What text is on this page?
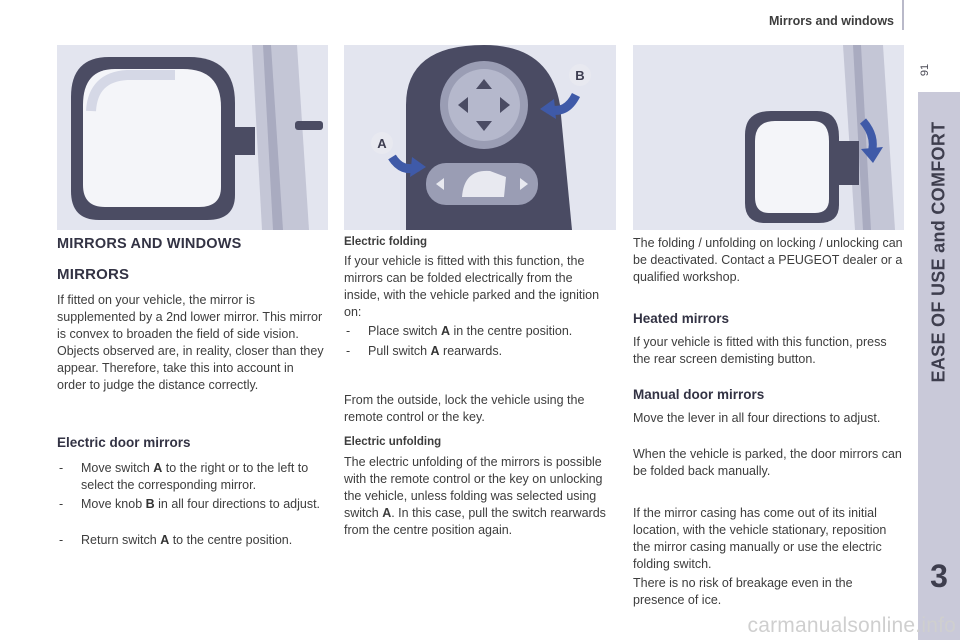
Mirrors and windows
91
EASE OF USE and COMFORT
3
A
B
MIRRORS AND WINDOWS
MIRRORS
If fitted on your vehicle, the mirror is supplemented by a 2nd lower mirror. This mirror is convex to broaden the field of side vision. Objects observed are, in reality, closer than they appear. Therefore, take this into account in order to judge the distance correctly.
Electric door mirrors
- Move switch A to the right or to the left to select the corresponding mirror.
- Move knob B in all four directions to adjust.
- Return switch A to the centre position.
Electric folding
If your vehicle is fitted with this function, the mirrors can be folded electrically from the inside, with the vehicle parked and the ignition on:
- Place switch A in the centre position.
- Pull switch A rearwards.
From the outside, lock the vehicle using the remote control or the key.
Electric unfolding
The electric unfolding of the mirrors is possible with the remote control or the key on unlocking the vehicle, unless folding was selected using switch A. In this case, pull the switch rearwards from the centre position again.
The folding / unfolding on locking / unlocking can be deactivated. Contact a PEUGEOT dealer or a qualified workshop.
Heated mirrors
If your vehicle is fitted with this function, press the rear screen demisting button.
Manual door mirrors
Move the lever in all four directions to adjust.
When the vehicle is parked, the door mirrors can be folded back manually.
If the mirror casing has come out of its initial location, with the vehicle stationary, reposition the mirror casing manually or use the electric folding switch.
There is no risk of breakage even in the presence of ice.
carmanualsonline.info
